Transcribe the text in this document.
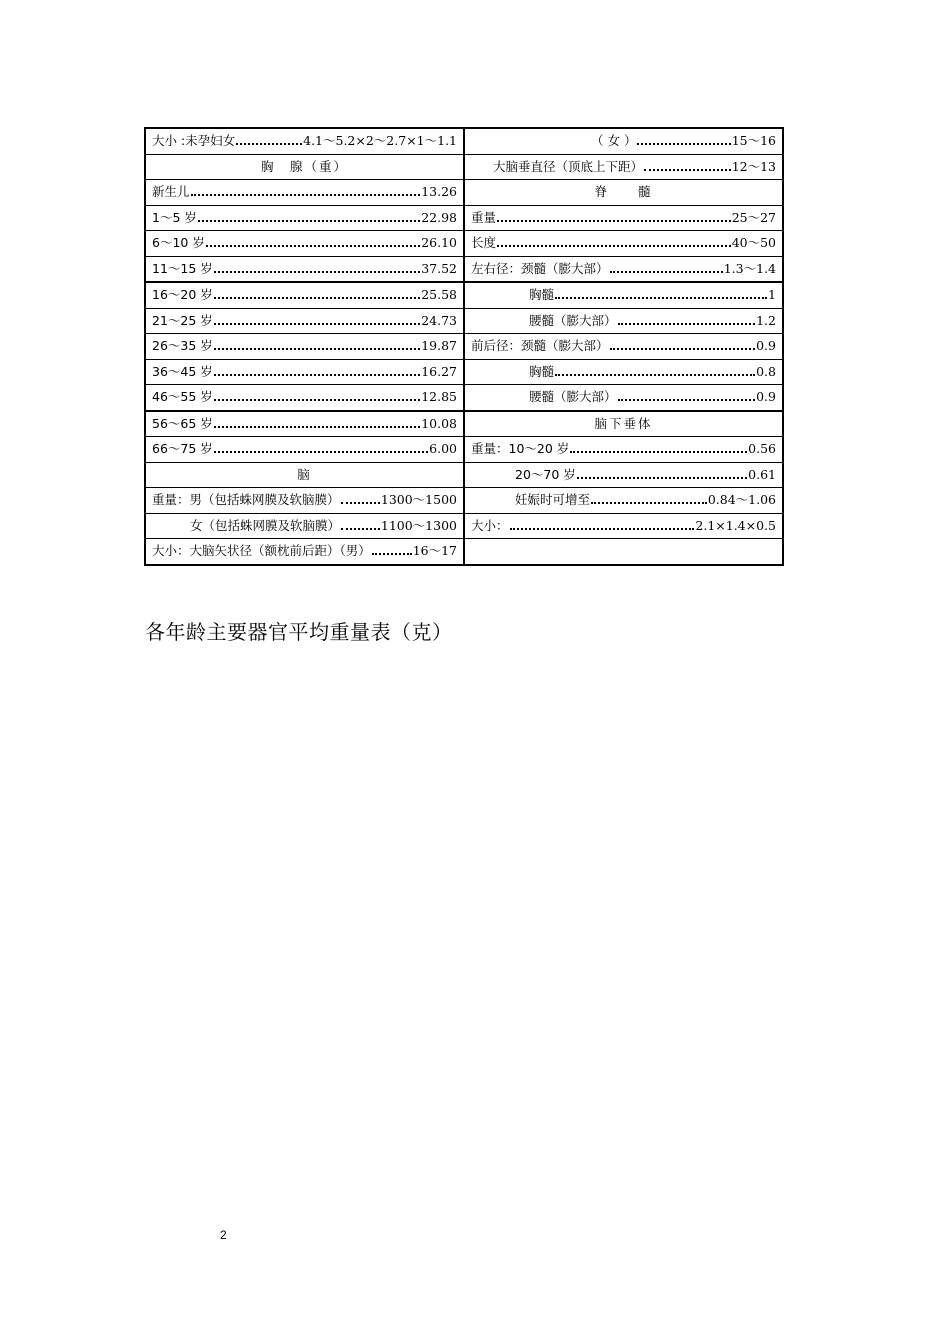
大小 :未孕妇女 4.1～5.2×2～2.7×1～1.1	（ 女 ） 15～16

胸　腺（重）	大脑垂直径（顶底上下距） 12～13

新生儿 13.26	脊　　髓

1～5 岁 22.98	重量 25～27

6～10 岁 26.10	长度 40～50

11～15 岁 37.52	左右径：颈髓（膨大部） 1.3～1.4

16～20 岁 25.58	胸髓 1

21～25 岁 24.73	腰髓（膨大部） 1.2

26～35 岁 19.87	前后径：颈髓（膨大部） 0.9

36～45 岁 16.27	胸髓 0.8

46～55 岁 12.85	腰髓（膨大部） 0.9

56～65 岁 10.08	脑下垂体

66～75 岁 6.00	重量：10～20 岁 0.56

脑	20～70 岁 0.61

重量：男（包括蛛网膜及软脑膜） 1300～1500	妊娠时可增至 0.84～1.06

女（包括蛛网膜及软脑膜） 1100～1300	大小： 2.1×1.4×0.5

大小：大脑矢状径（额枕前后距）（男） 16～17	

各年龄主要器官平均重量表（克）
2
